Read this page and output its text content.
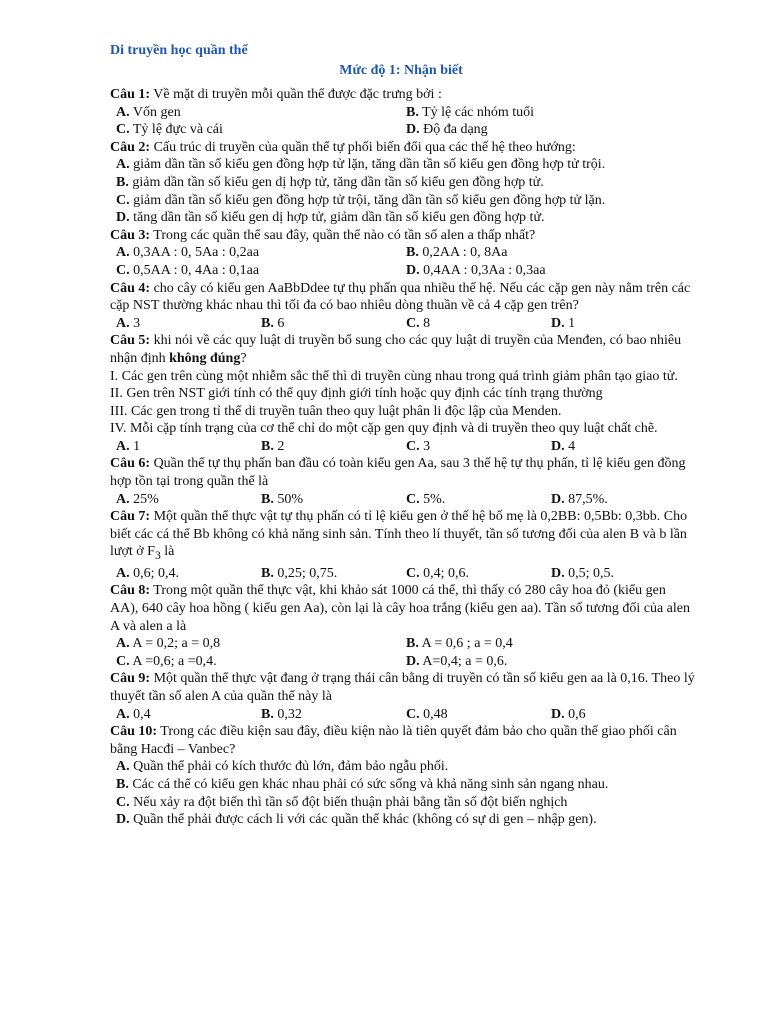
Di truyền học quần thể
Mức độ 1: Nhận biết

Câu 1: Về mặt di truyền mỗi quần thể được đặc trưng bởi :

A. Vốn gen	B. Tỷ lệ các nhóm tuổi
C. Tỷ lệ đực và cái	D. Độ đa dạng

Câu 2: Cấu trúc di truyền của quần thể tự phối biến đổi qua các thế hệ theo hướng:

A. giảm dần tần số kiểu gen đồng hợp tử lặn, tăng dần tần số kiểu gen đồng hợp tử trội.

B. giảm dần tần số kiểu gen dị hợp tử, tăng dần tần số kiểu gen đồng hợp tử.

C. giảm dần tần số kiểu gen đồng hợp tử trội, tăng dần tần số kiểu gen đồng hợp tử lặn.

D. tăng dần tần số kiểu gen dị hợp tử, giảm dần tần số kiểu gen đồng hợp tử.

Câu 3: Trong các quần thể sau đây, quần thể nào có tần số alen a thấp nhất?

A. 0,3AA : 0, 5Aa : 0,2aa	B. 0,2AA : 0, 8Aa
C. 0,5AA : 0, 4Aa : 0,1aa	D. 0,4AA : 0,3Aa : 0,3aa

Câu 4: cho cây có kiểu gen AaBbDdee tự thụ phấn qua nhiều thế hệ. Nếu các cặp gen này nằm trên các cặp NST thường khác nhau thì tối đa có bao nhiêu dòng thuần về cả 4 cặp gen trên?

A. 3	B. 6	C. 8	D. 1

Câu 5: khi nói về các quy luật di truyền bổ sung cho các quy luật di truyền của Menđen, có bao nhiêu nhận định không đúng?

I. Các gen trên cùng một nhiễm sắc thể thì di truyền cùng nhau trong quá trình giảm phân tạo giao tử.

II. Gen trên NST giới tính có thể quy định giới tính hoặc quy định các tính trạng thường

III. Các gen trong tỉ thể di truyền tuân theo quy luật phân li độc lập của Menden.

IV. Mỗi cặp tính trạng của cơ thể chỉ do một cặp gen quy định và di truyền theo quy luật chất chẽ.

A. 1	B. 2	C. 3	D. 4

Câu 6: Quần thể tự thụ phấn ban đầu có toàn kiểu gen Aa, sau 3 thế hệ tự thụ phấn, tỉ lệ kiểu gen đồng hợp tồn tại trong quần thể là

A. 25%	B. 50%	C. 5%.	D. 87,5%.

Câu 7: Một quần thể thực vật tự thụ phấn có tỉ lệ kiểu gen ở thế hệ bố mẹ là 0,2BB: 0,5Bb: 0,3bb. Cho biết các cá thể Bb không có khả năng sinh sản. Tính theo lí thuyết, tần số tương đối của alen B và b lần lượt ở $F_3$ là

A. 0,6; 0,4.	B. 0,25; 0,75.	C. 0,4; 0,6.	D. 0,5; 0,5.

Câu 8: Trong một quần thể thực vật, khi khảo sát 1000 cá thể, thì thấy có 280 cây hoa đỏ (kiểu gen AA), 640 cây hoa hồng ( kiểu gen Aa), còn lại là cây hoa trắng (kiểu gen aa). Tần số tương đối của alen A và alen a là

A. A = 0,2; a = 0,8	B. A = 0,6 ; a = 0,4
C. A =0,6; a =0,4.	D. A=0,4; a = 0,6.

Câu 9: Một quần thể thực vật đang ở trạng thái cân bằng di truyền có tần số kiểu gen aa là 0,16. Theo lý thuyết tần số alen A của quần thể này là

A. 0,4	B. 0,32	C. 0,48	D. 0,6

Câu 10: Trong các điều kiện sau đây, điều kiện nào là tiên quyết đảm bảo cho quần thể giao phối cân bằng Hacđi – Vanbec?

A. Quần thể phải có kích thước đủ lớn, đảm bảo ngẫu phối.

B. Các cá thể có kiểu gen khác nhau phải có sức sống và khả năng sinh sản ngang nhau.

C. Nếu xảy ra đột biến thì tần số đột biến thuận phải bằng tần số đột biến nghịch

D. Quần thể phải được cách li với các quần thể khác (không có sự di gen – nhập gen).
